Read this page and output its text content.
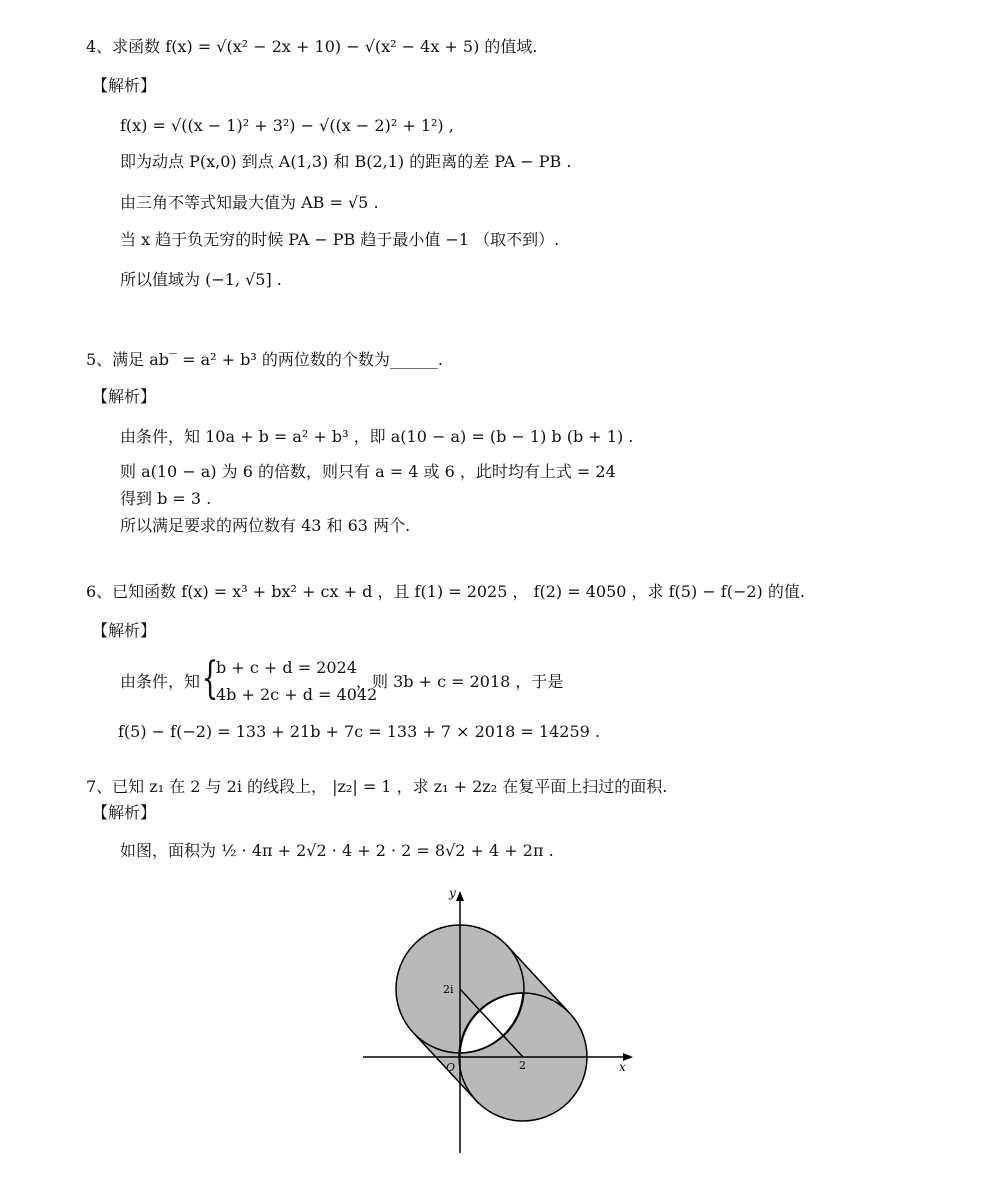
4、求函数 f(x) = √(x² − 2x + 10) − √(x² − 4x + 5) 的值域.
【解析】
f(x) = √((x − 1)² + 3²) − √((x − 2)² + 1²) ,
即为动点 P(x,0) 到点 A(1,3) 和 B(2,1) 的距离的差 PA − PB .
由三角不等式知最大值为 AB = √5 .
当 x 趋于负无穷的时候 PA − PB 趋于最小值 −1 （取不到）.
所以值域为 (−1, √5] .
5、满足 ab‾ = a² + b³ 的两位数的个数为______.
【解析】
由条件，知 10a + b = a² + b³ ，即 a(10 − a) = (b − 1) b (b + 1) .
则 a(10 − a) 为 6 的倍数，则只有 a = 4 或 6 ，此时均有上式 = 24
得到 b = 3 .
所以满足要求的两位数有 43 和 63 两个.
6、已知函数 f(x) = x³ + bx² + cx + d ，且 f(1) = 2025 ， f(2) = 4050 ，求 f(5) − f(−2) 的值.
【解析】
由条件，知 {
b + c + d = 2024
4b + 2c + d = 4042
，则 3b + c = 2018 ，于是
f(5) − f(−2) = 133 + 21b + 7c = 133 + 7 × 2018 = 14259 .
7、已知 z₁ 在 2 与 2i 的线段上， |z₂| = 1 ，求 z₁ + 2z₂ 在复平面上扫过的面积.
【解析】
如图，面积为 ½ · 4π + 2√2 · 4 + 2 · 2 = 8√2 + 4 + 2π .
y
x
O
2i
2
